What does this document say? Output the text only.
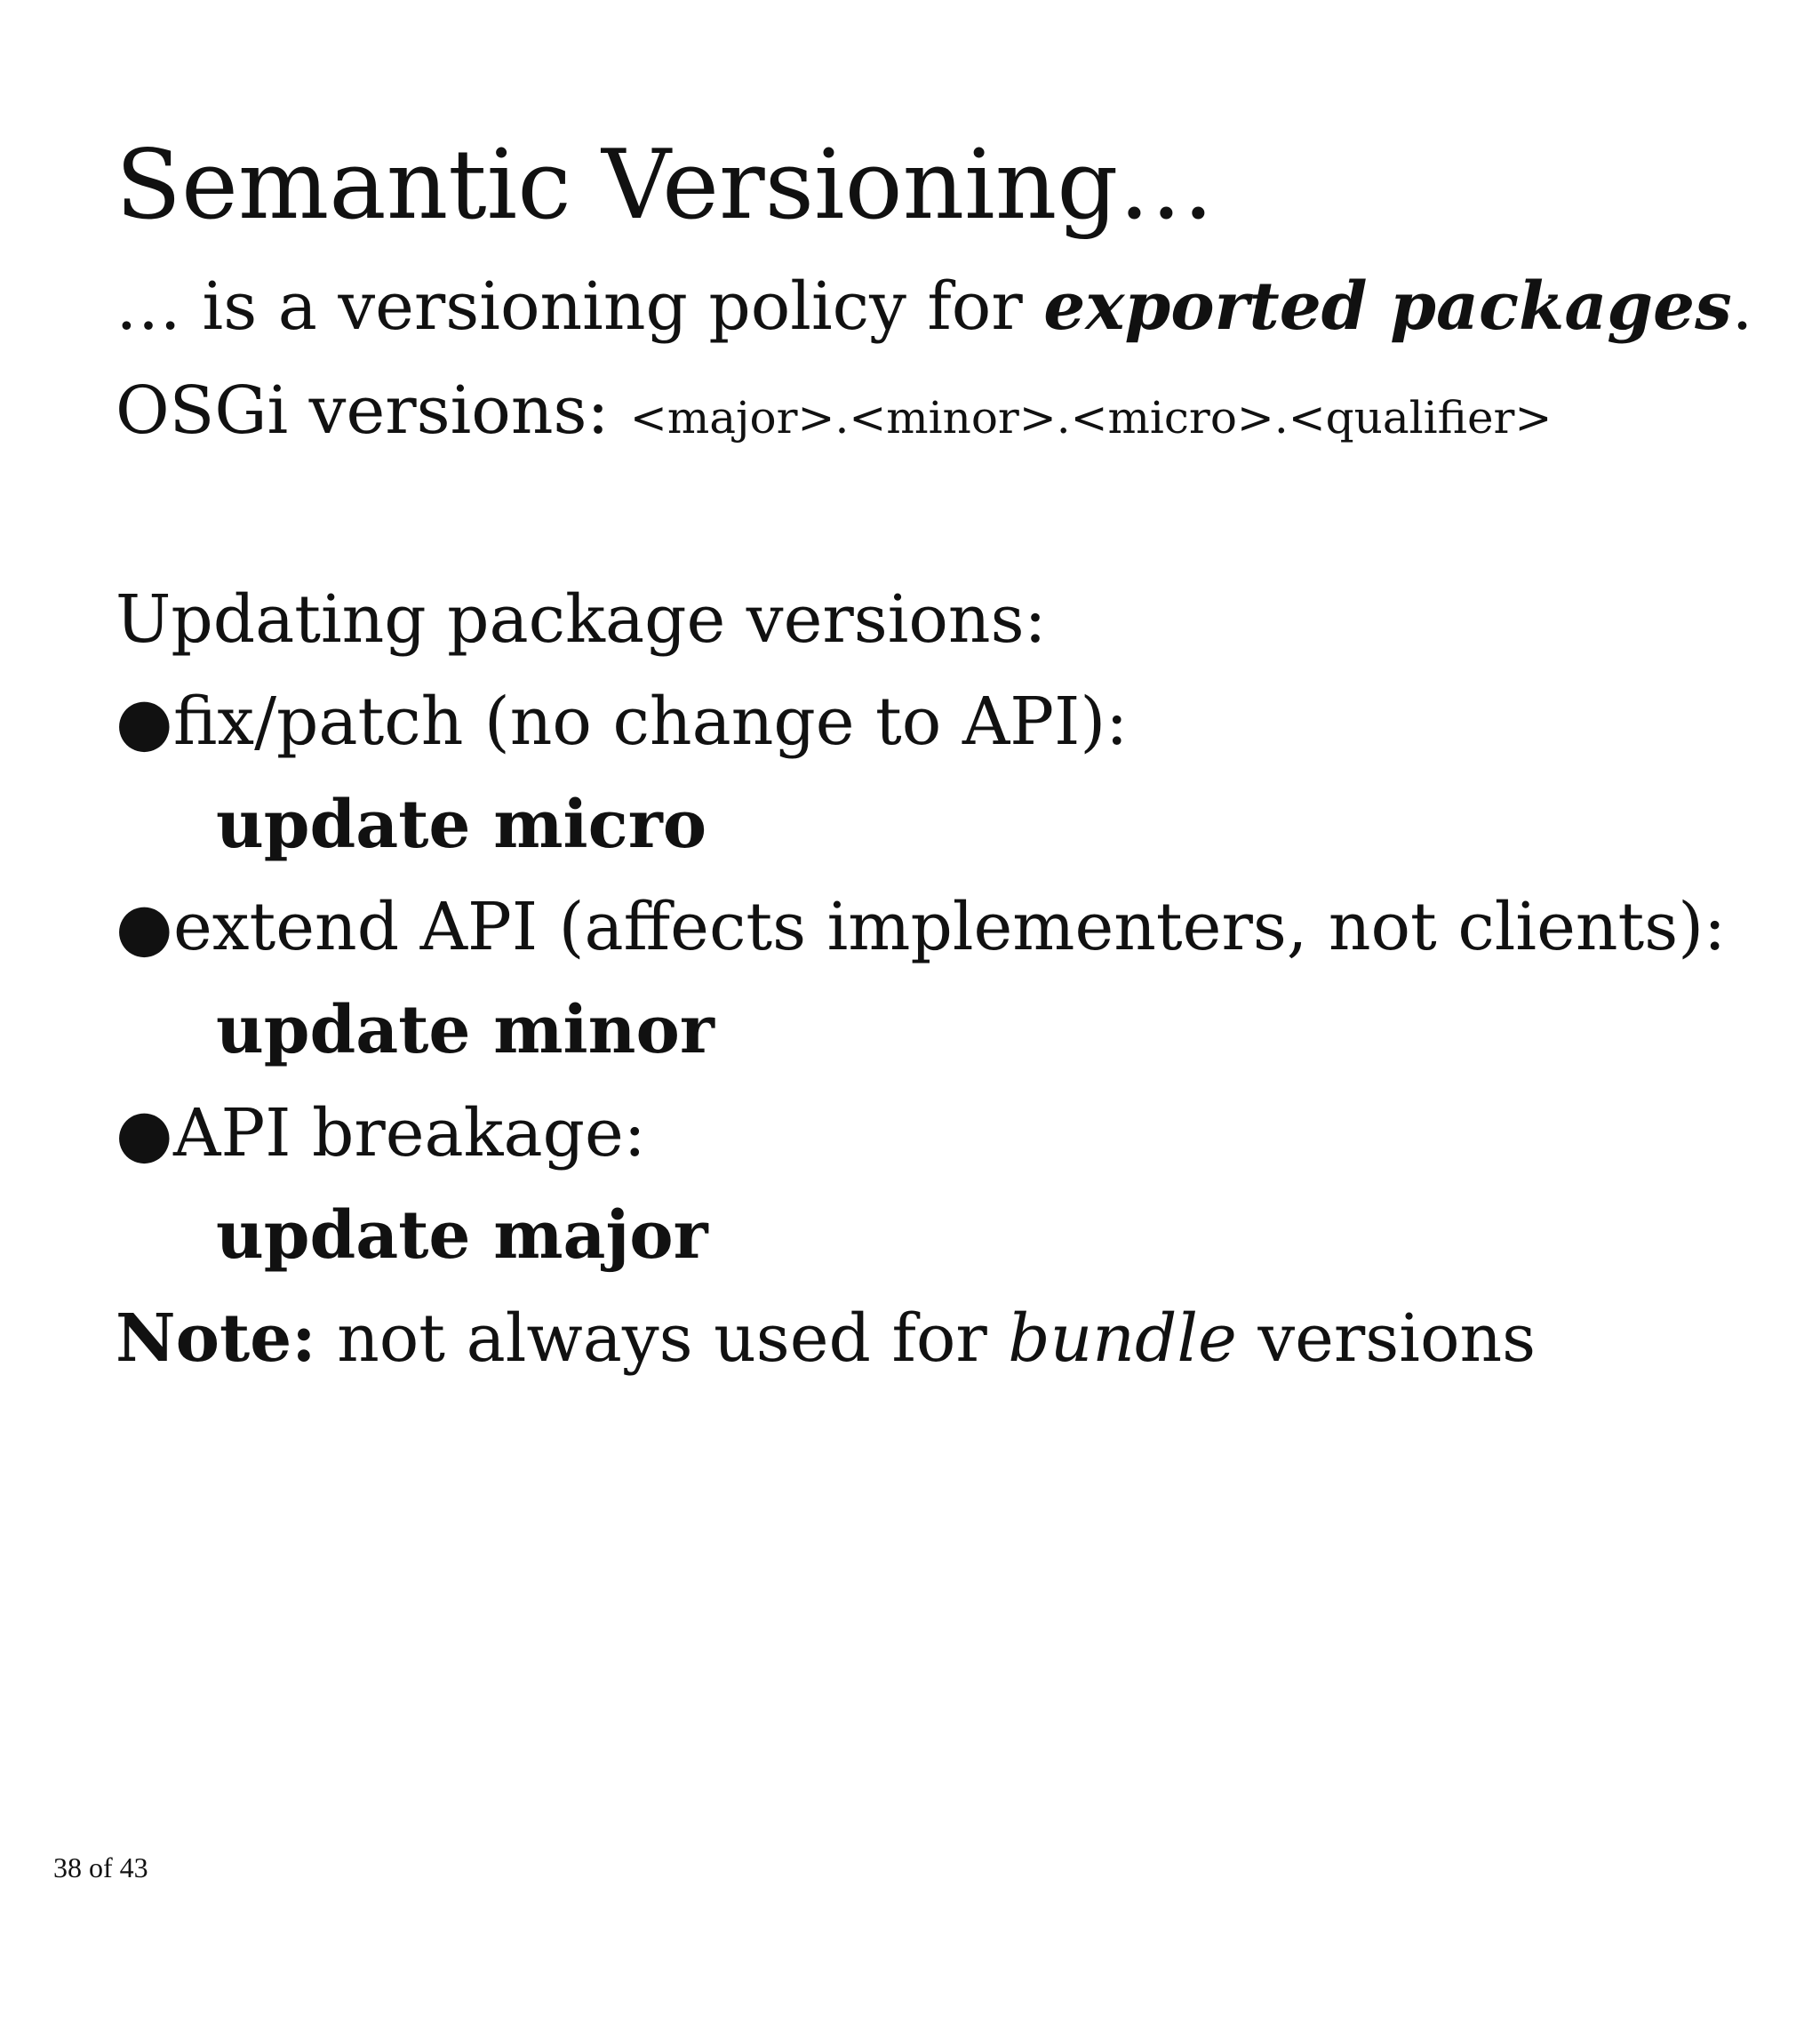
Semantic Versioning…

… is a versioning policy for exported packages.

OSGi versions: <major>.<minor>.<micro>.<qualifier>

Updating package versions:

●fix/patch (no change to API):

update micro

●extend API (affects implementers, not clients):

update minor

●API breakage:

update major

Note: not always used for bundle versions

38 of 43
